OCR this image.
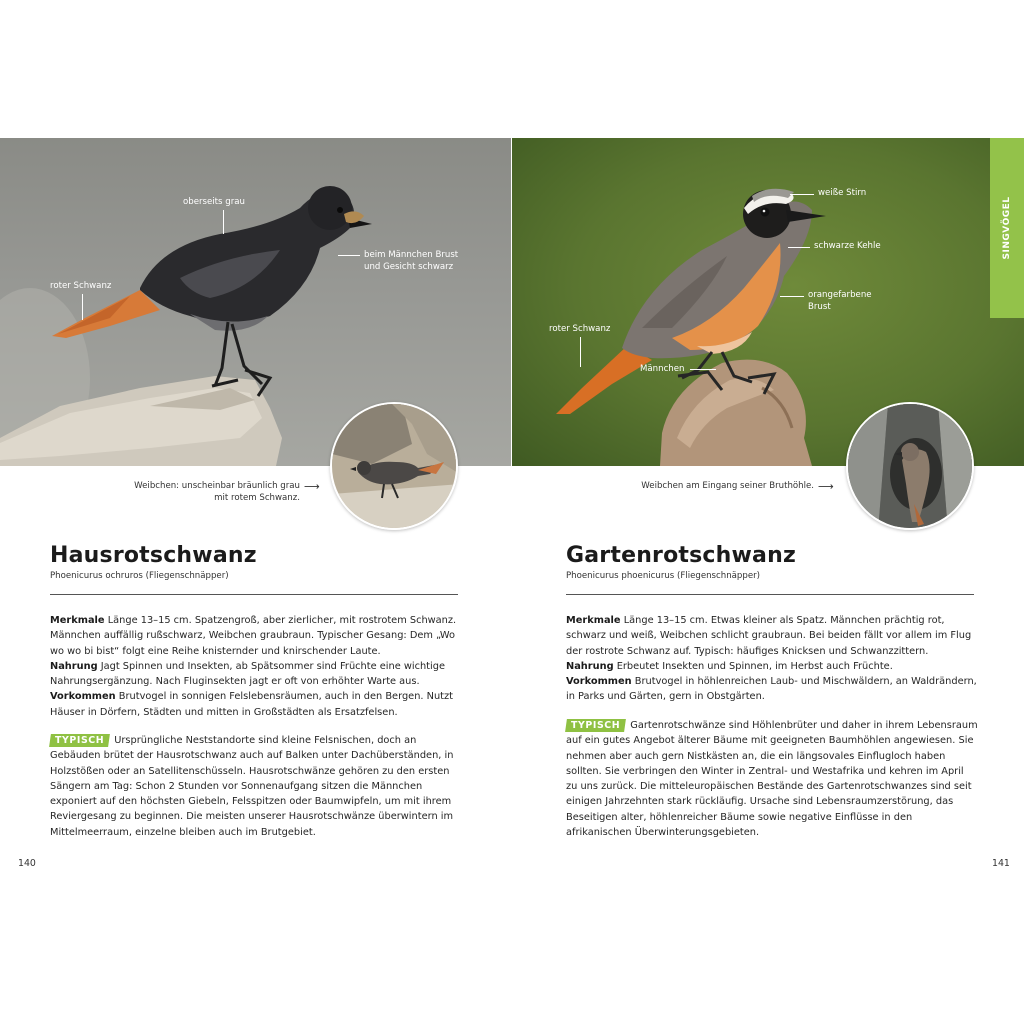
oberseits grau
beim Männchen Brust
und Gesicht schwarz
roter Schwanz
SINGVÖGEL
weiße Stirn
schwarze Kehle
orangefarbene
Brust
roter Schwanz
Männchen
Weibchen: unscheinbar bräunlich grau
mit rotem Schwanz.
⟶	Weibchen am Eingang seiner Bruthöhle. ⟶
Hausrotschwanz
Phoenicurus ochruros (Fliegenschnäpper)

Merkmale Länge 13–15 cm. Spatzengroß, aber zierlicher, mit rostrotem Schwanz. Männchen auffällig rußschwarz, Weibchen graubraun. Typischer Gesang: Dem „Wo wo wo bi bist“ folgt eine Reihe knisternder und knirschender Laute.
Nahrung Jagt Spinnen und Insekten, ab Spätsommer sind Früchte eine wichtige Nahrungsergänzung. Nach Fluginsekten jagt er oft von erhöhter Warte aus.
Vorkommen Brutvogel in sonnigen Felslebensräumen, auch in den Bergen. Nutzt Häuser in Dörfern, Städten und mitten in Großstädten als Ersatzfelsen.

TYPISCH Ursprüngliche Neststandorte sind kleine Felsnischen, doch an Gebäuden brütet der Hausrotschwanz auch auf Balken unter Dachüberständen, in Holzstößen oder an Satellitenschüsseln. Hausrotschwänze gehören zu den ersten Sängern am Tag: Schon 2 Stunden vor Sonnenaufgang sitzen die Männchen exponiert auf den höchsten Giebeln, Felsspitzen oder Baumwipfeln, um mit ihrem Reviergesang zu beginnen. Die meisten unserer Hausrotschwänze überwintern im Mittelmeerraum, einzelne bleiben auch im Brutgebiet.
140
Gartenrotschwanz
Phoenicurus phoenicurus (Fliegenschnäpper)

Merkmale Länge 13–15 cm. Etwas kleiner als Spatz. Männchen prächtig rot, schwarz und weiß, Weibchen schlicht graubraun. Bei beiden fällt vor allem im Flug der rostrote Schwanz auf. Typisch: häufiges Knicksen und Schwanzzittern.
Nahrung Erbeutet Insekten und Spinnen, im Herbst auch Früchte.
Vorkommen Brutvogel in höhlenreichen Laub- und Mischwäldern, an Waldrändern, in Parks und Gärten, gern in Obstgärten.

TYPISCH Gartenrotschwänze sind Höhlenbrüter und daher in ihrem Lebensraum auf ein gutes Angebot älterer Bäume mit geeigneten Baumhöhlen angewiesen. Sie nehmen aber auch gern Nistkästen an, die ein längsovales Einflugloch haben sollten. Sie verbringen den Winter in Zentral- und Westafrika und kehren im April zu uns zurück. Die mitteleuropäischen Bestände des Gartenrotschwanzes sind seit einigen Jahrzehnten stark rückläufig. Ursache sind Lebensraumzerstörung, das Beseitigen alter, höhlenreicher Bäume sowie negative Einflüsse in den afrikanischen Überwinterungsgebieten.
141
